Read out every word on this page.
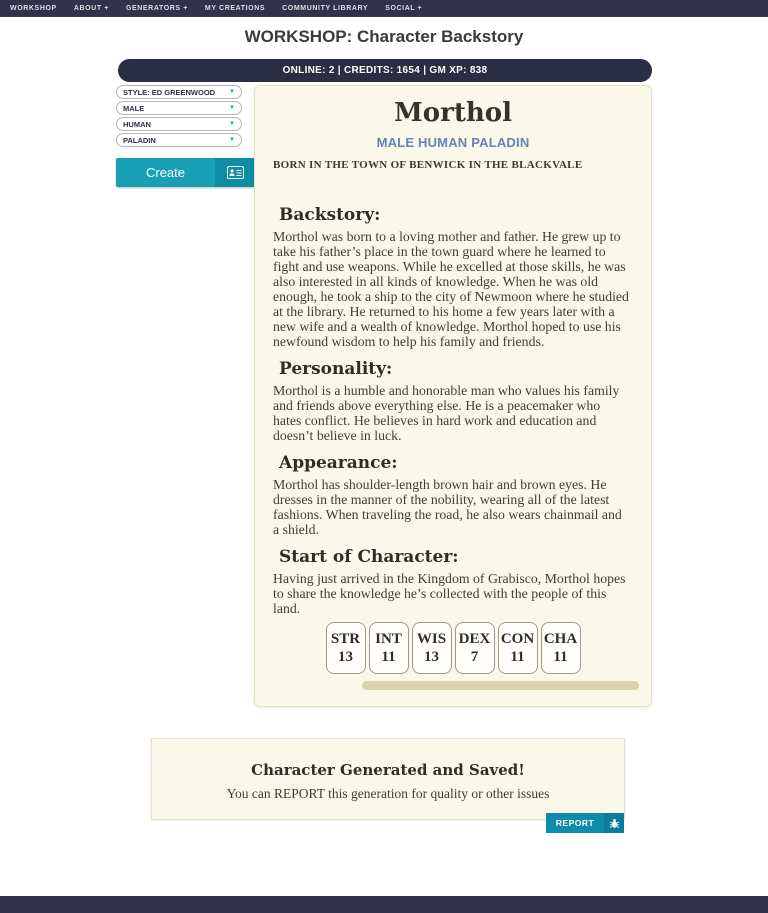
WORKSHOP ABOUT + GENERATORS + MY CREATIONS COMMUNITY LIBRARY SOCIAL +
WORKSHOP: Character Backstory
ONLINE: 2 | CREDITS: 1654 | GM XP: 838
STYLE: ED GREENWOOD ▼
MALE	▼
HUMAN	▼
PALADIN	▼
Create
Morthol
MALE HUMAN PALADIN
BORN IN THE TOWN OF BENWICK IN THE BLACKVALE
Backstory:

Morthol was born to a loving mother and father. He grew up to take his father’s place in the town guard where he learned to fight and use weapons. While he excelled at those skills, he was also interested in all kinds of knowledge. When he was old enough, he took a ship to the city of Newmoon where he studied at the library. He returned to his home a few years later with a new wife and a wealth of knowledge. Morthol hoped to use his newfound wisdom to help his family and friends.

Personality:

Morthol is a humble and honorable man who values his family and friends above everything else. He is a peacemaker who hates conflict. He believes in hard work and education and doesn’t believe in luck.

Appearance:

Morthol has shoulder-length brown hair and brown eyes. He dresses in the manner of the nobility, wearing all of the latest fashions. When traveling the road, he also wears chainmail and a shield.

Start of Character:

Having just arrived in the Kingdom of Grabisco, Morthol hopes to share the knowledge he’s collected with the people of this land.

STR
13
INT
11
WIS
13
DEX
7
CON
11
CHA
11
Character Generated and Saved!
You can REPORT this generation for quality or other issues
REPORT
